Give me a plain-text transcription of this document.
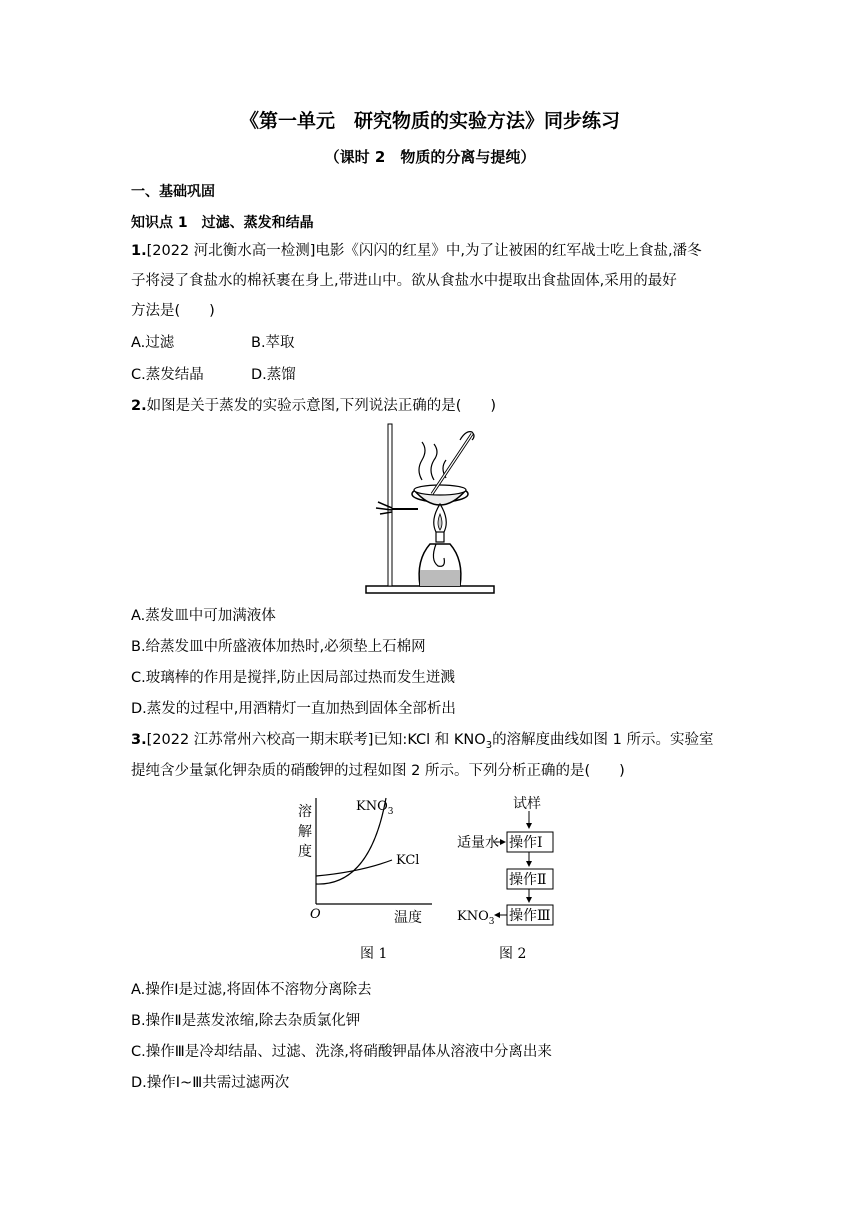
《第一单元　研究物质的实验方法》同步练习
（课时 2　物质的分离与提纯）
一、基础巩固
知识点 1　过滤、蒸发和结晶
1.[2022 河北衡水高一检测]电影《闪闪的红星》中,为了让被困的红军战士吃上食盐,潘冬
子将浸了食盐水的棉袄裹在身上,带进山中。欲从食盐水中提取出食盐固体,采用的最好
方法是(　　)
A.过滤	B.萃取
C.蒸发结晶	D.蒸馏
2.如图是关于蒸发的实验示意图,下列说法正确的是(　　)
A.蒸发皿中可加满液体
B.给蒸发皿中所盛液体加热时,必须垫上石棉网
C.玻璃棒的作用是搅拌,防止因局部过热而发生迸溅
D.蒸发的过程中,用酒精灯一直加热到固体全部析出
3.[2022 江苏常州六校高一期末联考]已知:KCl 和 $KNO_3$的溶解度曲线如图 1 所示。实验室
提纯含少量氯化钾杂质的硝酸钾的过程如图 2 所示。下列分析正确的是(　　)
溶
解
度
$KNO_3$
KCl
O	温度
图 1
试样
适量水 操作Ⅰ
操作Ⅱ
操作Ⅲ
$KNO_3$
图 2
A.操作Ⅰ是过滤,将固体不溶物分离除去
B.操作Ⅱ是蒸发浓缩,除去杂质氯化钾
C.操作Ⅲ是冷却结晶、过滤、洗涤,将硝酸钾晶体从溶液中分离出来
D.操作Ⅰ~Ⅲ共需过滤两次
